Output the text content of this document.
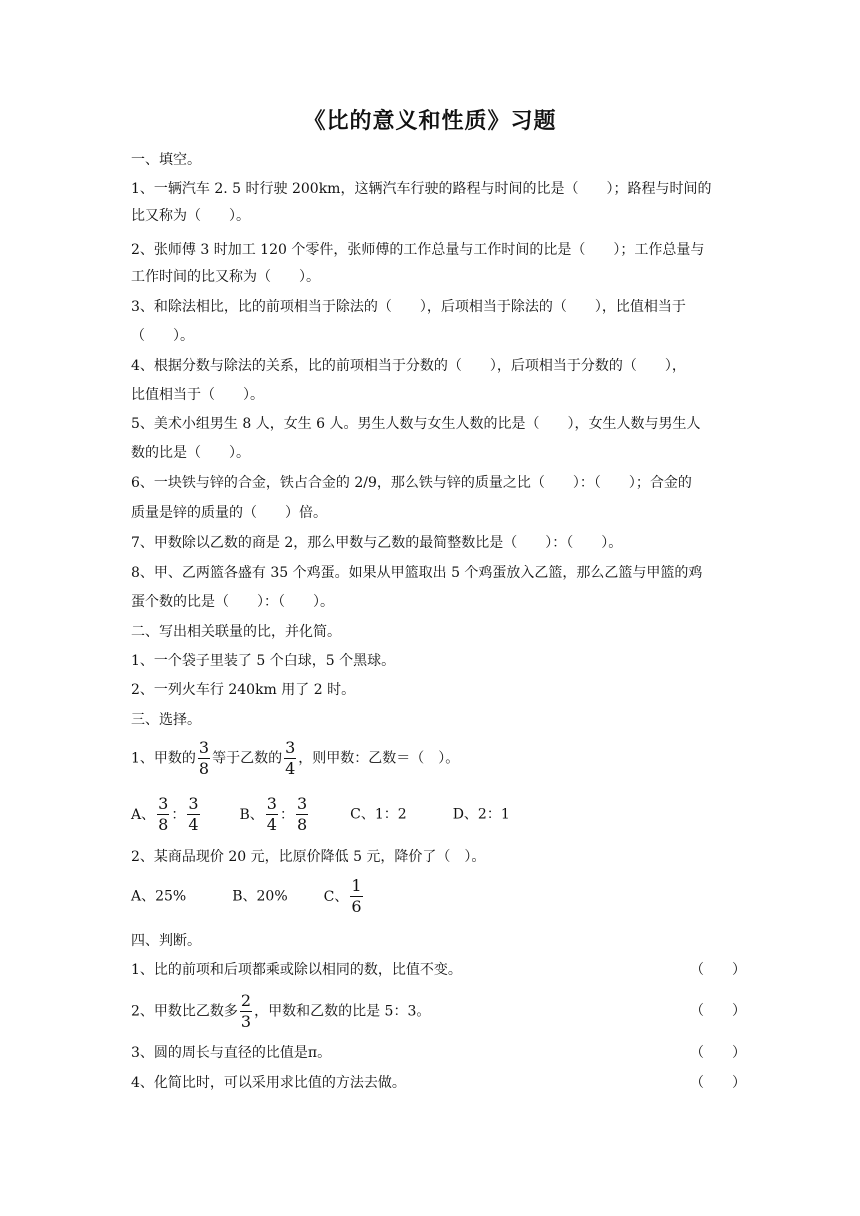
《比的意义和性质》习题
一、填空。
1、一辆汽车 2. 5 时行驶 200km，这辆汽车行驶的路程与时间的比是（　　）；路程与时间的
比又称为（　　）。
2、张师傅 3 时加工 120 个零件，张师傅的工作总量与工作时间的比是（　　）；工作总量与
工作时间的比又称为（　　）。
3、和除法相比，比的前项相当于除法的（　　），后项相当于除法的（　　），比值相当于
（　　）。
4、根据分数与除法的关系，比的前项相当于分数的（　　），后项相当于分数的（　　），
比值相当于（　　）。
5、美术小组男生 8 人，女生 6 人。男生人数与女生人数的比是（　　），女生人数与男生人
数的比是（　　）。
6、一块铁与锌的合金，铁占合金的 2/9，那么铁与锌的质量之比（　　）：（　　）；合金的
质量是锌的质量的（　　）倍。
7、甲数除以乙数的商是 2，那么甲数与乙数的最简整数比是（　　）：（　　）。
8、甲、乙两篮各盛有 35 个鸡蛋。如果从甲篮取出 5 个鸡蛋放入乙篮，那么乙篮与甲篮的鸡
蛋个数的比是（　　）：（　　）。
二、写出相关联量的比，并化简。
1、一个袋子里装了 5 个白球，5 个黑球。
2、一列火车行 240km 用了 2 时。
三、选择。
1、甲数的 $\frac{3}{8}$ 等于乙数的 $\frac{3}{4}$ ，则甲数：乙数＝（　）。
A、 $\frac{3}{8}$ ： $\frac{3}{4}$	B、 $\frac{3}{4}$ ： $\frac{3}{8}$	C、1：2	D、2：1
2、某商品现价 20 元，比原价降低 5 元，降价了（　）。
A、25%	B、20%	C、 $\frac{1}{6}$
四、判断。
1、比的前项和后项都乘或除以相同的数，比值不变。	（　　）
2、甲数比乙数多 $\frac{2}{3}$ ，甲数和乙数的比是 5：3。	（　　）
3、圆的周长与直径的比值是π。	（　　）
4、化简比时，可以采用求比值的方法去做。	（　　）
